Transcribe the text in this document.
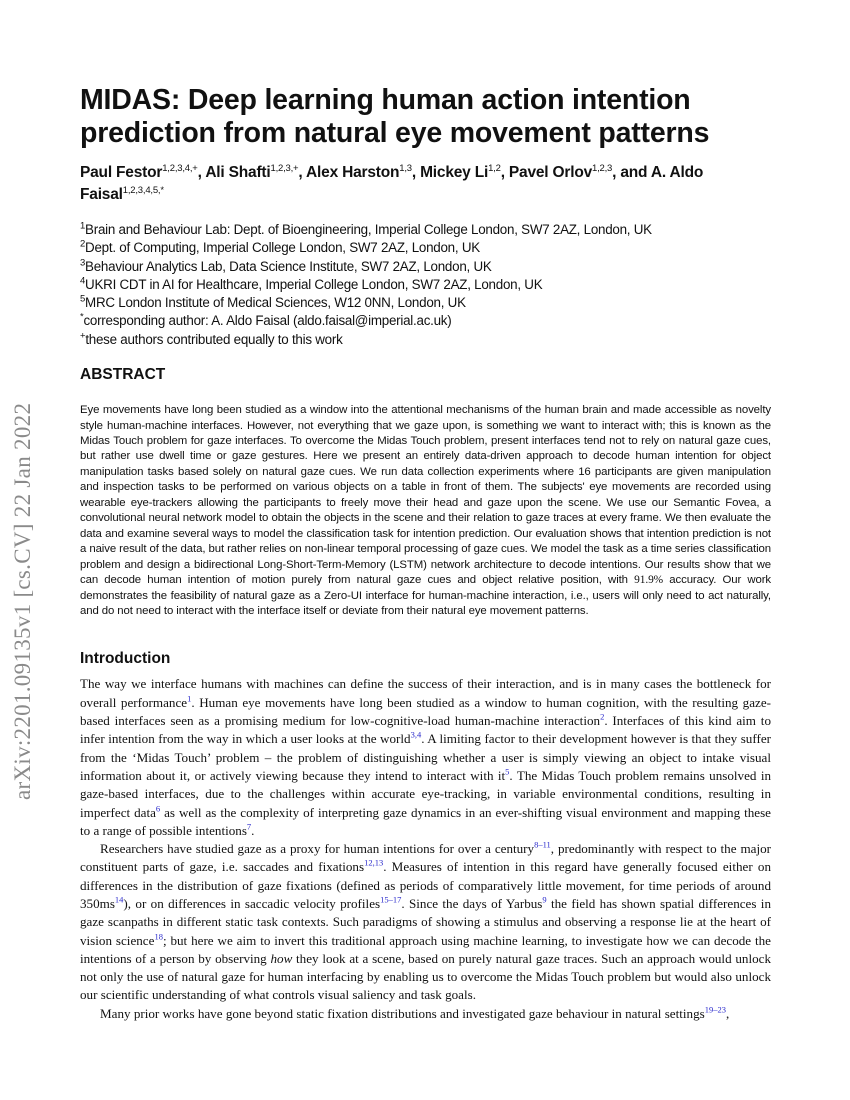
arXiv:2201.09135v1 [cs.CV] 22 Jan 2022
MIDAS: Deep learning human action intention prediction from natural eye movement patterns
Paul Festor$^{1,2,3,4,+}$, Ali Shafti$^{1,2,3,+}$, Alex Harston$^{1,3}$, Mickey Li$^{1,2}$, Pavel Orlov$^{1,2,3}$, and A. Aldo Faisal$^{1,2,3,4,5,*}$
$^1$Brain and Behaviour Lab: Dept. of Bioengineering, Imperial College London, SW7 2AZ, London, UK
$^2$Dept. of Computing, Imperial College London, SW7 2AZ, London, UK
$^3$Behaviour Analytics Lab, Data Science Institute, SW7 2AZ, London, UK
$^4$UKRI CDT in AI for Healthcare, Imperial College London, SW7 2AZ, London, UK
$^5$MRC London Institute of Medical Sciences, W12 0NN, London, UK
*corresponding author: A. Aldo Faisal (aldo.faisal@imperial.ac.uk)
+these authors contributed equally to this work
ABSTRACT
Eye movements have long been studied as a window into the attentional mechanisms of the human brain and made accessible as novelty style human-machine interfaces. However, not everything that we gaze upon, is something we want to interact with; this is known as the Midas Touch problem for gaze interfaces. To overcome the Midas Touch problem, present interfaces tend not to rely on natural gaze cues, but rather use dwell time or gaze gestures. Here we present an entirely data-driven approach to decode human intention for object manipulation tasks based solely on natural gaze cues. We run data collection experiments where 16 participants are given manipulation and inspection tasks to be performed on various objects on a table in front of them. The subjects' eye movements are recorded using wearable eye-trackers allowing the participants to freely move their head and gaze upon the scene. We use our Semantic Fovea, a convolutional neural network model to obtain the objects in the scene and their relation to gaze traces at every frame. We then evaluate the data and examine several ways to model the classification task for intention prediction. Our evaluation shows that intention prediction is not a naive result of the data, but rather relies on non-linear temporal processing of gaze cues. We model the task as a time series classification problem and design a bidirectional Long-Short-Term-Memory (LSTM) network architecture to decode intentions. Our results show that we can decode human intention of motion purely from natural gaze cues and object relative position, with 91.9% accuracy. Our work demonstrates the feasibility of natural gaze as a Zero-UI interface for human-machine interaction, i.e., users will only need to act naturally, and do not need to interact with the interface itself or deviate from their natural eye movement patterns.
Introduction

The way we interface humans with machines can define the success of their interaction, and is in many cases the bottleneck for overall performance$^1$. Human eye movements have long been studied as a window to human cognition, with the resulting gaze-based interfaces seen as a promising medium for low-cognitive-load human-machine interaction$^2$. Interfaces of this kind aim to infer intention from the way in which a user looks at the world$^{3,4}$. A limiting factor to their development however is that they suffer from the ‘Midas Touch’ problem – the problem of distinguishing whether a user is simply viewing an object to intake visual information about it, or actively viewing because they intend to interact with $it^5$. The Midas Touch problem remains unsolved in gaze-based interfaces, due to the challenges within accurate eye-tracking, in variable environmental conditions, resulting in imperfect data$^6$ as well as the complexity of interpreting gaze dynamics in an ever-shifting visual environment and mapping these to a range of possible intentions$^7$.

Researchers have studied gaze as a proxy for human intentions for over a century$^{8-11}$, predominantly with respect to the major constituent parts of gaze, i.e. saccades and fixations$^{12,13}$. Measures of intention in this regard have generally focused either on differences in the distribution of gaze fixations (defined as periods of comparatively little movement, for time periods of around $350ms^{14}$), or on differences in saccadic velocity profiles$^{15-17}$. Since the days of Yarbus$^9$ the field has shown spatial differences in gaze scanpaths in different static task contexts. Such paradigms of showing a stimulus and observing a response lie at the heart of vision science$^{18}$; but here we aim to invert this traditional approach using machine learning, to investigate how we can decode the intentions of a person by observing how they look at a scene, based on purely natural gaze traces. Such an approach would unlock not only the use of natural gaze for human interfacing by enabling us to overcome the Midas Touch problem but would also unlock our scientific understanding of what controls visual saliency and task goals.

Many prior works have gone beyond static fixation distributions and investigated gaze behaviour in natural settings$^{19-23}$,
